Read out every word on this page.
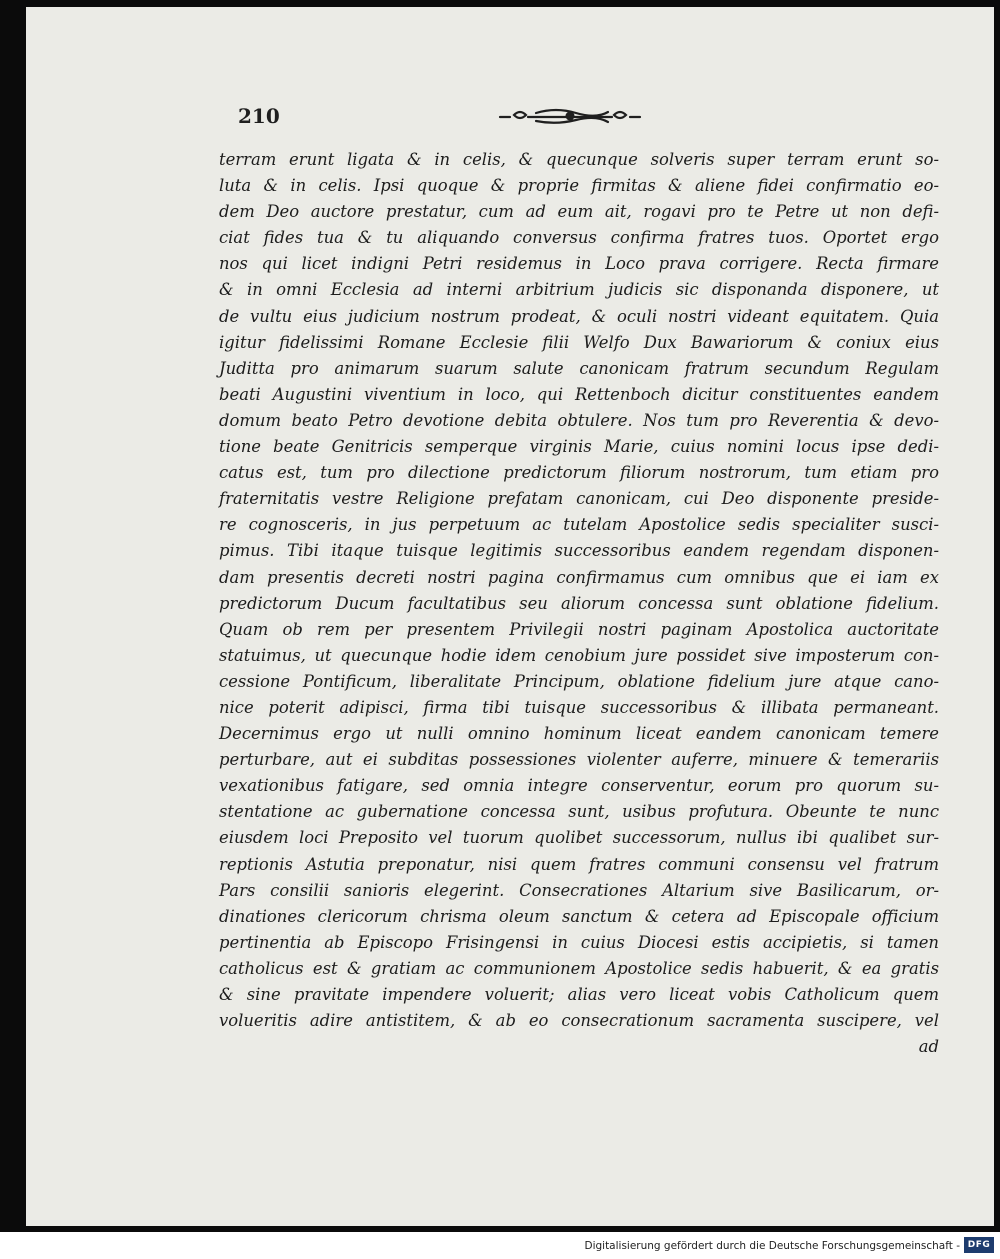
210
terram erunt ligata & in celis, & quecunque solveris super terram erunt so-
luta & in celis. Ipsi quoque & proprie firmitas & aliene fidei confirmatio eo-
dem Deo auctore prestatur, cum ad eum ait, rogavi pro te Petre ut non defi-
ciat fides tua & tu aliquando conversus confirma fratres tuos. Oportet ergo
nos qui licet indigni Petri residemus in Loco prava corrigere. Recta firmare
& in omni Ecclesia ad interni arbitrium judicis sic disponanda disponere, ut
de vultu eius judicium nostrum prodeat, & oculi nostri videant equitatem. Quia
igitur fidelissimi Romane Ecclesie filii Welfo Dux Bawariorum & coniux eius
Juditta pro animarum suarum salute canonicam fratrum secundum Regulam
beati Augustini viventium in loco, qui Rettenboch dicitur constituentes eandem
domum beato Petro devotione debita obtulere. Nos tum pro Reverentia & devo-
tione beate Genitricis semperque virginis Marie, cuius nomini locus ipse dedi-
catus est, tum pro dilectione predictorum filiorum nostrorum, tum etiam pro
fraternitatis vestre Religione prefatam canonicam, cui Deo disponente preside-
re cognosceris, in jus perpetuum ac tutelam Apostolice sedis specialiter susci-
pimus. Tibi itaque tuisque legitimis successoribus eandem regendam disponen-
dam presentis decreti nostri pagina confirmamus cum omnibus que ei iam ex
predictorum Ducum facultatibus seu aliorum concessa sunt oblatione fidelium.
Quam ob rem per presentem Privilegii nostri paginam Apostolica auctoritate
statuimus, ut quecunque hodie idem cenobium jure possidet sive imposterum con-
cessione Pontificum, liberalitate Principum, oblatione fidelium jure atque cano-
nice poterit adipisci, firma tibi tuisque successoribus & illibata permaneant.
Decernimus ergo ut nulli omnino hominum liceat eandem canonicam temere
perturbare, aut ei subditas possessiones violenter auferre, minuere & temerariis
vexationibus fatigare, sed omnia integre conserventur, eorum pro quorum su-
stentatione ac gubernatione concessa sunt, usibus profutura. Obeunte te nunc
eiusdem loci Preposito vel tuorum quolibet successorum, nullus ibi qualibet sur-
reptionis Astutia preponatur, nisi quem fratres communi consensu vel fratrum
Pars consilii sanioris elegerint. Consecrationes Altarium sive Basilicarum, or-
dinationes clericorum chrisma oleum sanctum & cetera ad Episcopale officium
pertinentia ab Episcopo Frisingensi in cuius Diocesi estis accipietis, si tamen
catholicus est & gratiam ac communionem Apostolice sedis habuerit, & ea gratis
& sine pravitate impendere voluerit; alias vero liceat vobis Catholicum quem
volueritis adire antistitem, & ab eo consecrationum sacramenta suscipere, vel
ad
Digitalisierung gefördert durch die Deutsche Forschungsgemeinschaft - DFG
